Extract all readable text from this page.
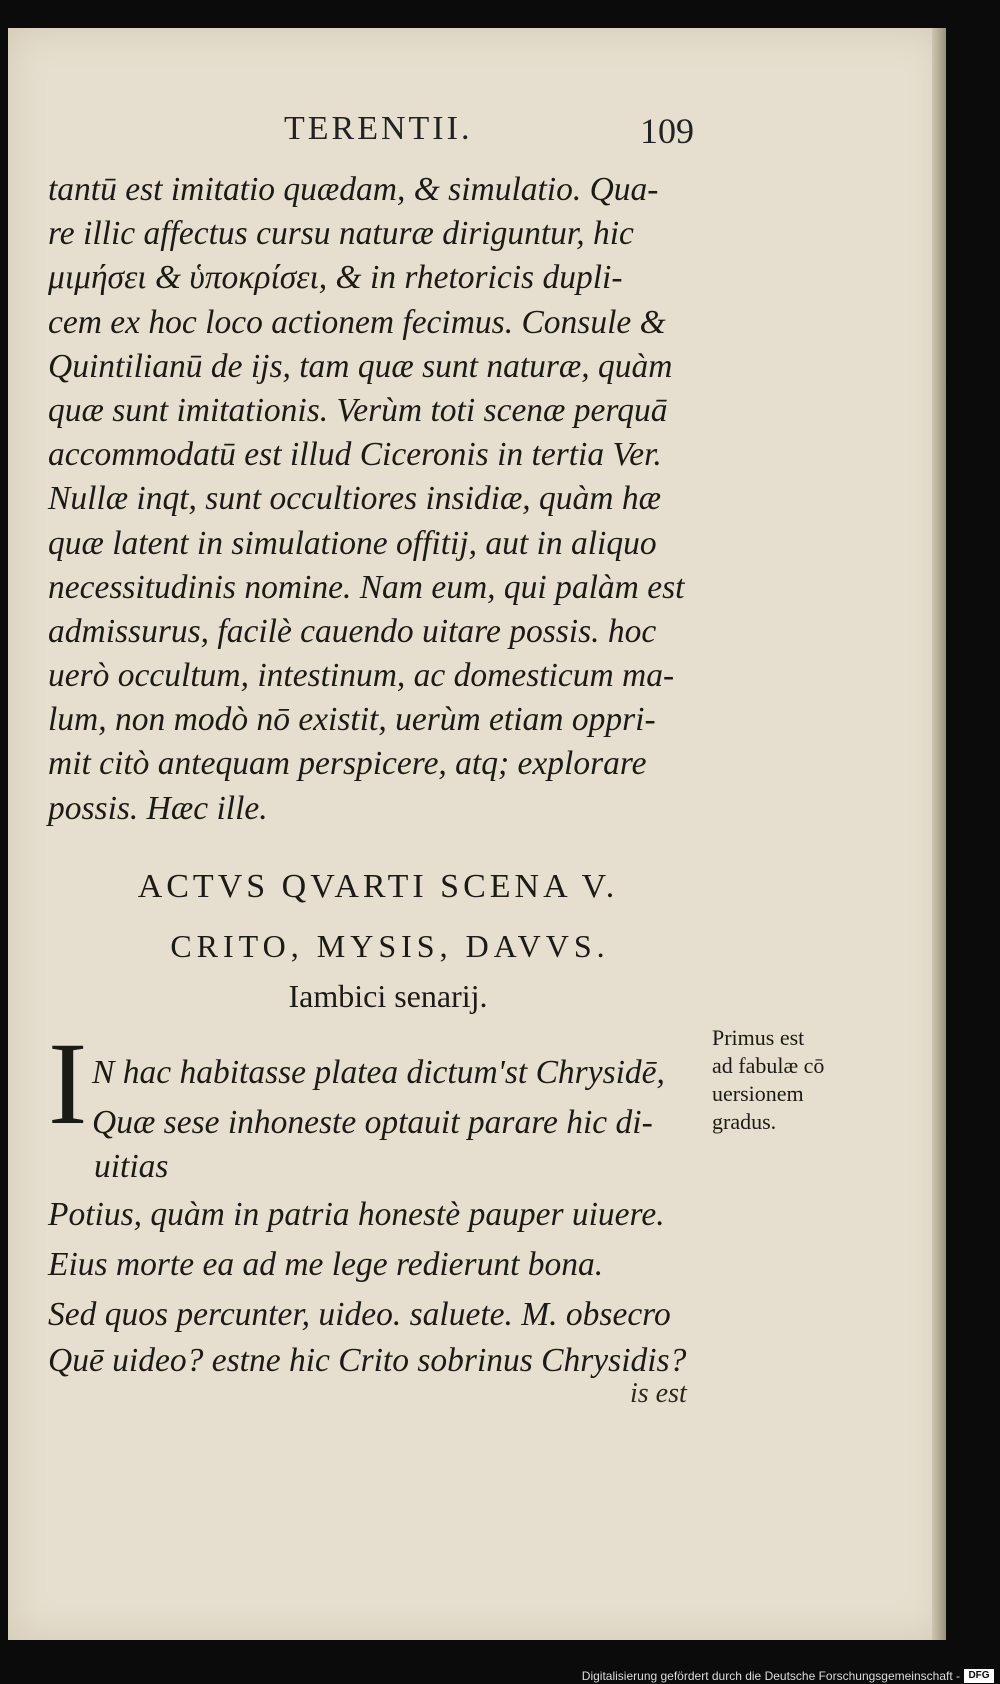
TERENTII.	109
tantū est imitatio quædam, & simulatio. Qua-
re illic affectus cursu naturæ diriguntur, hic
μιμήσει & ὑποκρίσει, & in rhetoricis dupli-
cem ex hoc loco actionem fecimus. Consule &
Quintilianū de ijs, tam quæ sunt naturæ, quàm
quæ sunt imitationis. Verùm toti scenæ perquā
accommodatū est illud Ciceronis in tertia Ver.
Nullæ inqt, sunt occultiores insidiæ, quàm hæ
quæ latent in simulatione offitij, aut in aliquo
necessitudinis nomine. Nam eum, qui palàm est
admissurus, facilè cauendo uitare possis. hoc
uerò occultum, intestinum, ac domesticum ma-
lum, non modò nō existit, uerùm etiam oppri-
mit citò antequam perspicere, atq; explorare
possis. Hæc ille.
ACTVS QVARTI SCENA V.
CRITO, MYSIS, DAVVS.
Iambici senarij.
I N hac habitasse platea dictum'st Chrysidē,
Quæ sese inhoneste optauit parare hic di-
uitias
Potius, quàm in patria honestè pauper uiuere.
Eius morte ea ad me lege redierunt bona.
Sed quos percunter, uideo. saluete. M. obsecro
Quē uideo? estne hic Crito sobrinus Chrysidis?
is est
Primus est
ad fabulæ cō
uersionem
gradus.
Digitalisierung gefördert durch die Deutsche Forschungsgemeinschaft - DFG
